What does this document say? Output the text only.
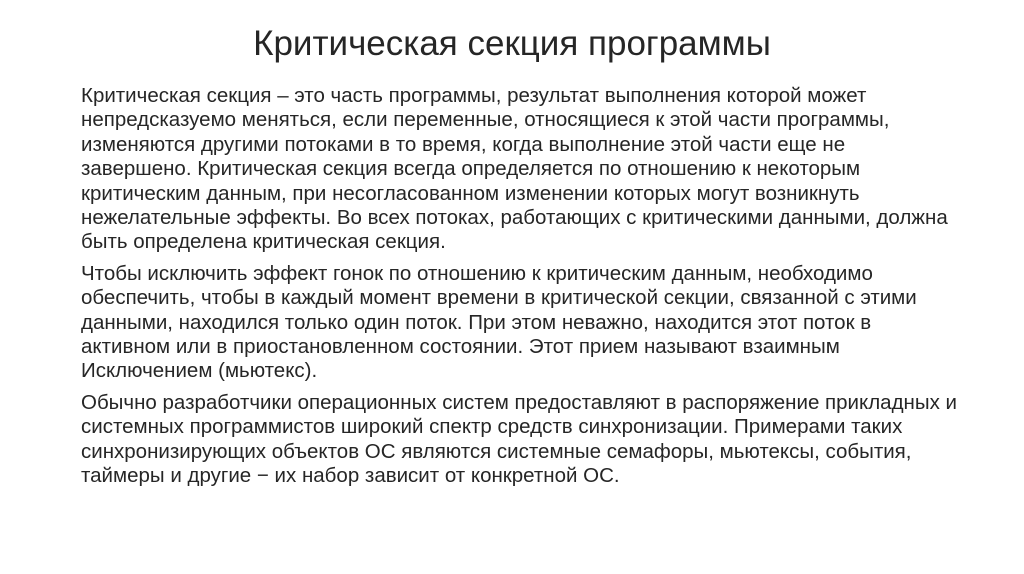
Критическая секция программы

Критическая секция – это часть программы, результат выполнения которой может непредсказуемо меняться, если переменные, относящиеся к этой части программы, изменяются другими потоками в то время, когда выполнение этой части еще не завершено. Критическая секция всегда определяется по отношению к некоторым критическим данным, при несогласованном изменении которых могут возникнуть нежелательные эффекты. Во всех потоках, работающих с критическими данными, должна быть определена критическая секция.

Чтобы исключить эффект гонок по отношению к критическим данным, необходимо обеспечить, чтобы в каждый момент времени в критической секции, связанной с этими данными, находился только один поток. При этом неважно, находится этот поток в активном или в приостановленном состоянии. Этот прием называют взаимным Исключением (мьютекс).

Обычно разработчики операционных систем предоставляют в распоряжение прикладных и системных программистов широкий спектр средств синхронизации. Примерами таких синхронизирующих объектов ОС являются системные семафоры, мьютексы, события, таймеры и другие − их набор зависит от конкретной ОС.
